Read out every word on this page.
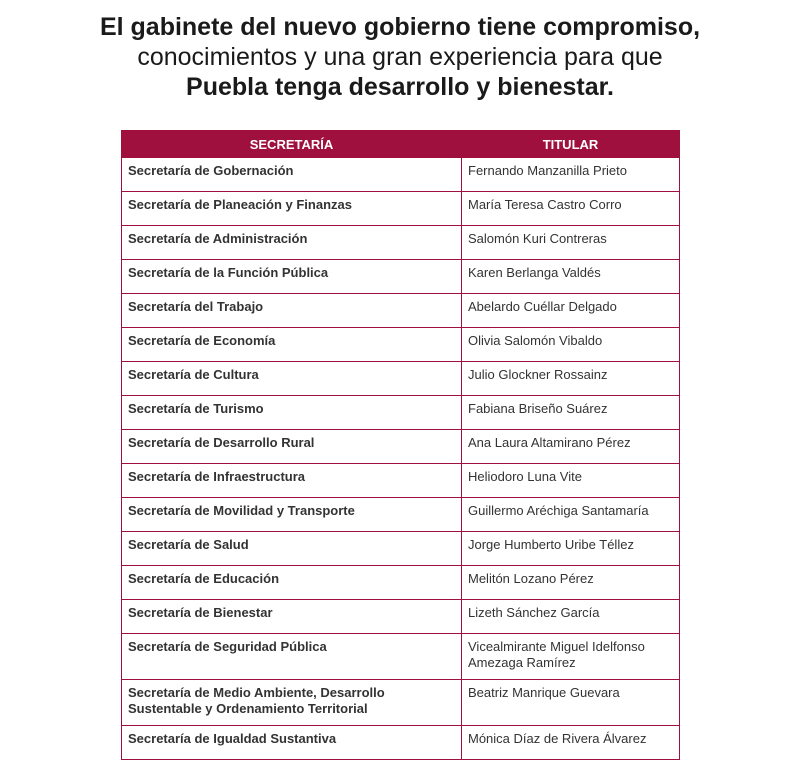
El gabinete del nuevo gobierno tiene compromiso,
conocimientos y una gran experiencia para que
Puebla tenga desarrollo y bienestar.
SECRETARÍA	TITULAR
Secretaría de Gobernación	Fernando Manzanilla Prieto
Secretaría de Planeación y Finanzas	María Teresa Castro Corro
Secretaría de Administración	Salomón Kuri Contreras
Secretaría de la Función Pública	Karen Berlanga Valdés
Secretaría del Trabajo	Abelardo Cuéllar Delgado
Secretaría de Economía	Olivia Salomón Vibaldo
Secretaría de Cultura	Julio Glockner Rossainz
Secretaría de Turismo	Fabiana Briseño Suárez
Secretaría de Desarrollo Rural	Ana Laura Altamirano Pérez
Secretaría de Infraestructura	Heliodoro Luna Vite
Secretaría de Movilidad y Transporte	Guillermo Aréchiga Santamaría
Secretaría de Salud	Jorge Humberto Uribe Téllez
Secretaría de Educación	Melitón Lozano Pérez
Secretaría de Bienestar	Lizeth Sánchez García
Secretaría de Seguridad Pública	Vicealmirante Miguel Idelfonso Amezaga Ramírez
Secretaría de Medio Ambiente, Desarrollo Sustentable y Ordenamiento Territorial	Beatriz Manrique Guevara
Secretaría de Igualdad Sustantiva	Mónica Díaz de Rivera Álvarez
